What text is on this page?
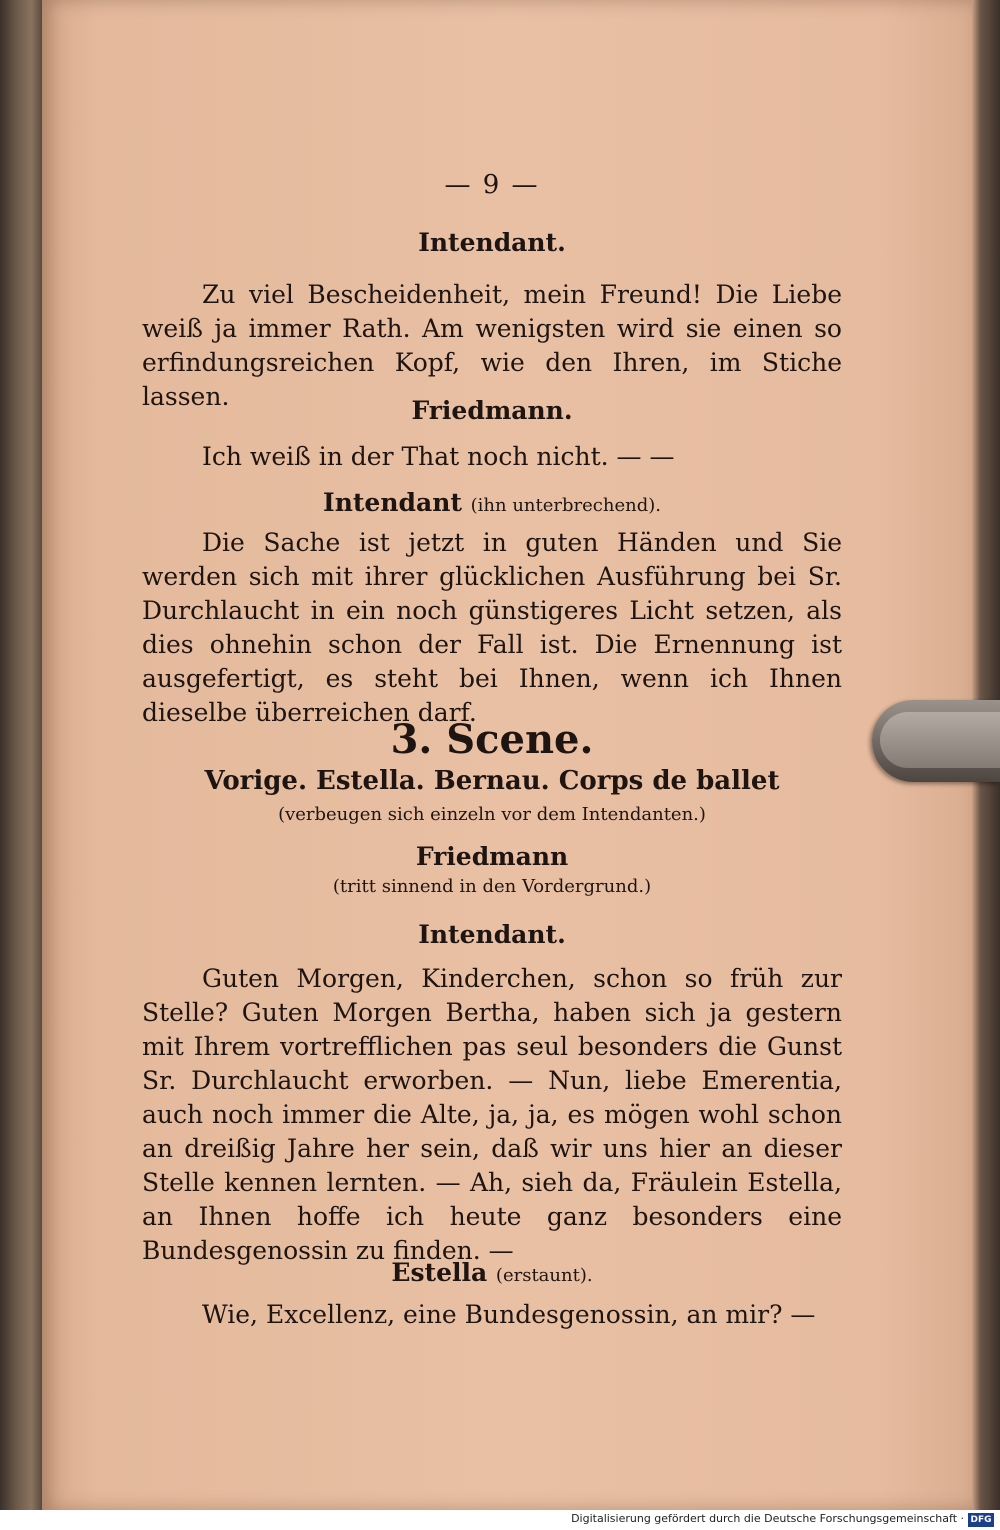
— 9 —
Intendant.
Zu viel Bescheidenheit, mein Freund! Die Liebe weiß ja immer Rath. Am wenigsten wird sie einen so erfindungsreichen Kopf, wie den Ihren, im Stiche lassen.	Friedmann.
Ich weiß in der That noch nicht. — —
Intendant (ihn unterbrechend).
Die Sache ist jetzt in guten Händen und Sie werden sich mit ihrer glücklichen Ausführung bei Sr. Durchlaucht in ein noch günstigeres Licht setzen, als dies ohnehin schon der Fall ist. Die Ernennung ist ausgefertigt, es steht bei Ihnen, wenn ich Ihnen dieselbe überreichen darf.
3. Scene.
Vorige. Estella. Bernau. Corps de ballet
(verbeugen sich einzeln vor dem Intendanten.)
Friedmann
(tritt sinnend in den Vordergrund.)
Intendant.
Guten Morgen, Kinderchen, schon so früh zur Stelle? Guten Morgen Bertha, haben sich ja gestern mit Ihrem vortrefflichen pas seul besonders die Gunst Sr. Durchlaucht erworben. — Nun, liebe Emerentia, auch noch immer die Alte, ja, ja, es mögen wohl schon an dreißig Jahre her sein, daß wir uns hier an dieser Stelle kennen lernten. — Ah, sieh da, Fräulein Estella, an Ihnen hoffe ich heute ganz besonders eine Bundesgenossin zu finden. —
Estella (erstaunt).
Wie, Excellenz, eine Bundesgenossin, an mir? —
Digitalisierung gefördert durch die Deutsche Forschungsgemeinschaft · DFG
